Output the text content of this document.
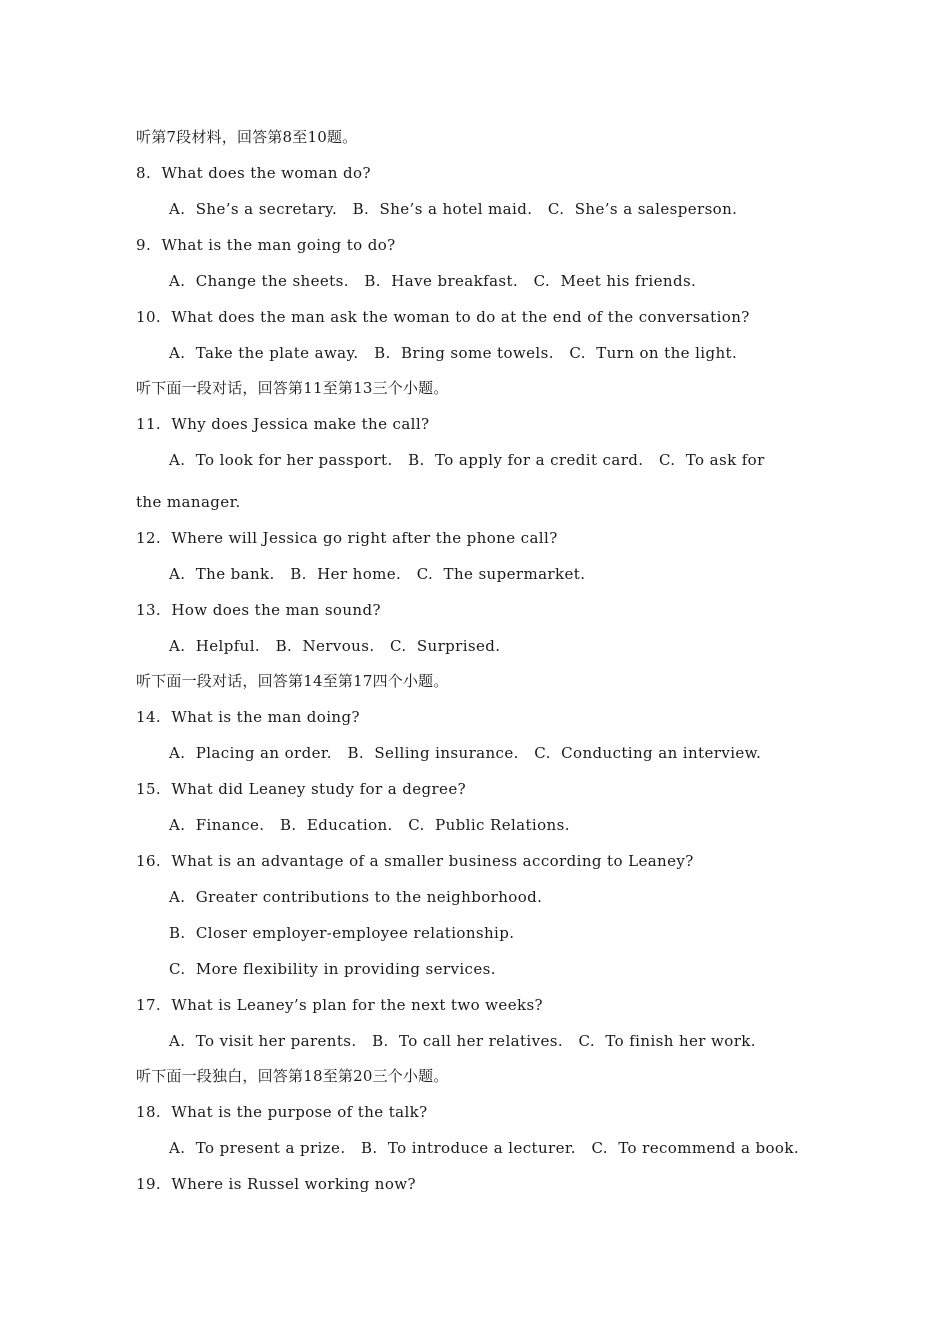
听第7段材料，回答第8至10题。
8.  What does the woman do?
A.  She’s a secretary.   B.  She’s a hotel maid.   C.  She’s a salesperson.
9.  What is the man going to do?
A.  Change the sheets.   B.  Have breakfast.   C.  Meet his friends.
10.  What does the man ask the woman to do at the end of the conversation?
A.  Take the plate away.   B.  Bring some towels.   C.  Turn on the light.
听下面一段对话，回答第11至第13三个小题。
11.  Why does Jessica make the call?
A.  To look for her passport.   B.  To apply for a credit card.   C.  To ask for
the manager.
12.  Where will Jessica go right after the phone call?
A.  The bank.   B.  Her home.   C.  The supermarket.
13.  How does the man sound?
A.  Helpful.   B.  Nervous.   C.  Surprised.
听下面一段对话，回答第14至第17四个小题。
14.  What is the man doing?
A.  Placing an order.   B.  Selling insurance.   C.  Conducting an interview.
15.  What did Leaney study for a degree?
A.  Finance.   B.  Education.   C.  Public Relations.
16.  What is an advantage of a smaller business according to Leaney?
A.  Greater contributions to the neighborhood.
B.  Closer employer-employee relationship.
C.  More flexibility in providing services.
17.  What is Leaney’s plan for the next two weeks?
A.  To visit her parents.   B.  To call her relatives.   C.  To finish her work.
听下面一段独白，回答第18至第20三个小题。
18.  What is the purpose of the talk?
A.  To present a prize.   B.  To introduce a lecturer.   C.  To recommend a book.
19.  Where is Russel working now?
